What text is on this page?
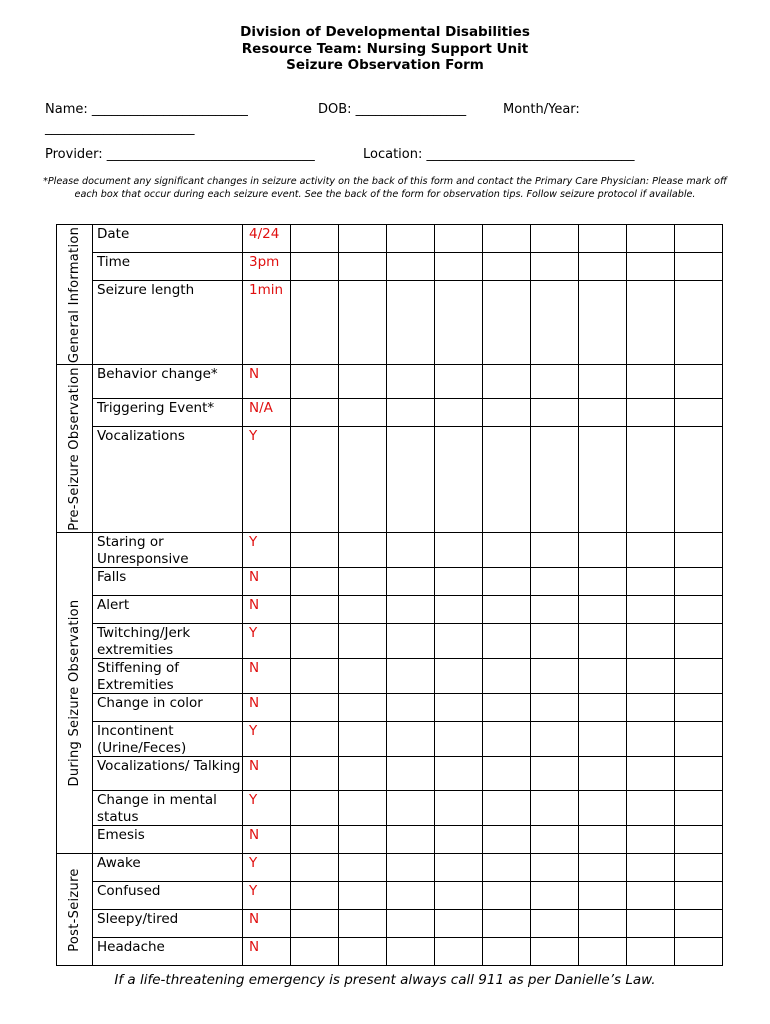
Division of Developmental Disabilities
Resource Team: Nursing Support Unit
Seizure Observation Form
Name: ________________________	DOB: _________________	Month/Year:
_______________________
Provider: ________________________________	Location: ________________________________
*Please document any significant changes in seizure activity on the back of this form and contact the Primary Care Physician: Please mark off each box that occur during each seizure event. See the back of the form for observation tips. Follow seizure protocol if available.
General Information	Date	4/24									
	Time	3pm									
	Seizure length	1min									

Pre-Seizure Observation	Behavior change*	N									
	Triggering Event*	N/A									
	Vocalizations	Y									

During Seizure Observation	Staring or Unresponsive	Y									
	Falls	N									
	Alert	N									
	Twitching/Jerk extremities	Y									
	Stiffening of Extremities	N									
	Change in color	N									
	Incontinent (Urine/Feces)	Y									
	Vocalizations/ Talking	N									
	Change in mental status	Y									
	Emesis	N									

Post-Seizure	Awake	Y									
	Confused	Y									
	Sleepy/tired	N									
	Headache	N									
If a life-threatening emergency is present always call 911 as per Danielle’s Law.
